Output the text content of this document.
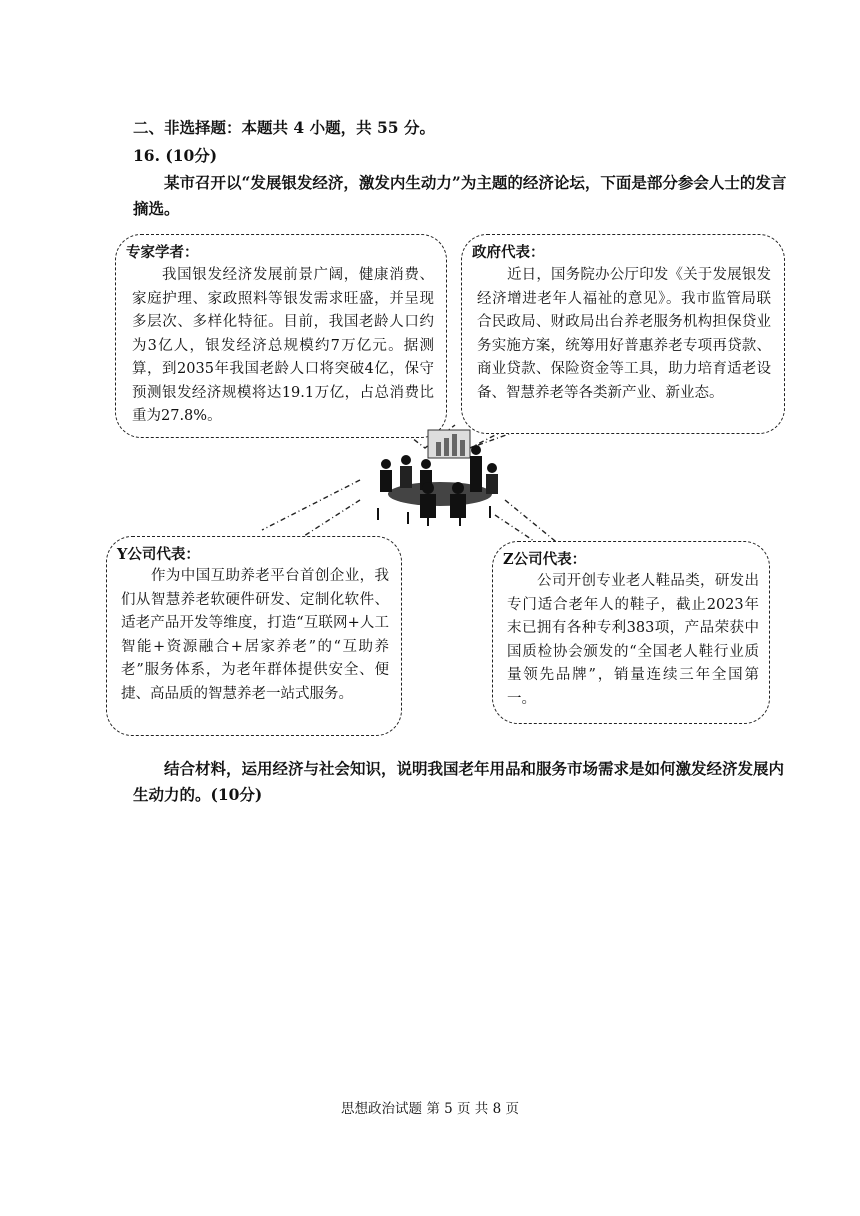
二、非选择题：本题共 4 小题，共 55 分。
16. (10分)
某市召开以“发展银发经济，激发内生动力”为主题的经济论坛，下面是部分参会人士的发言摘选。
专家学者：
我国银发经济发展前景广阔，健康消费、家庭护理、家政照料等银发需求旺盛，并呈现多层次、多样化特征。目前，我国老龄人口约为3亿人，银发经济总规模约7万亿元。据测算，到2035年我国老龄人口将突破4亿，保守预测银发经济规模将达19.1万亿，占总消费比重为27.8%。
政府代表：
近日，国务院办公厅印发《关于发展银发经济增进老年人福祉的意见》。我市监管局联合民政局、财政局出台养老服务机构担保贷业务实施方案，统筹用好普惠养老专项再贷款、商业贷款、保险资金等工具，助力培育适老设备、智慧养老等各类新产业、新业态。
Y公司代表：
作为中国互助养老平台首创企业，我们从智慧养老软硬件研发、定制化软件、适老产品开发等维度，打造“互联网+人工智能+资源融合+居家养老”的“互助养老”服务体系，为老年群体提供安全、便捷、高品质的智慧养老一站式服务。
Z公司代表：
公司开创专业老人鞋品类，研发出专门适合老年人的鞋子，截止2023年末已拥有各种专利383项，产品荣获中国质检协会颁发的“全国老人鞋行业质量领先品牌”，销量连续三年全国第一。
结合材料，运用经济与社会知识，说明我国老年用品和服务市场需求是如何激发经济发展内生动力的。(10分)
思想政治试题 第 5 页 共 8 页
